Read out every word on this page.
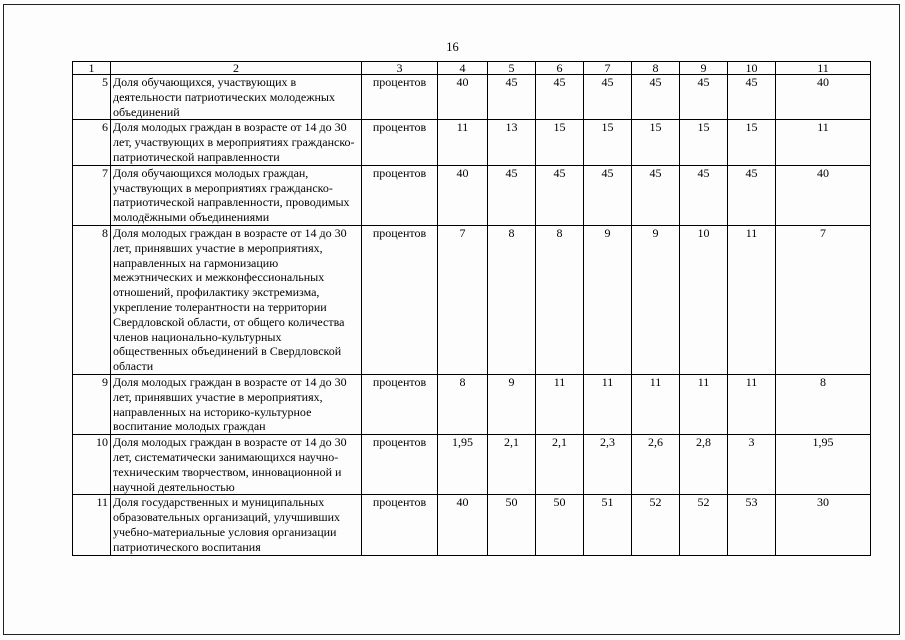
16
1	2	3	4	5	6	7	8	9	10	11
5	Доля обучающихся, участвующих в деятельности патриотических молодежных объединений	процентов	40	45	45	45	45	45	45	40
6	Доля молодых граждан в возрасте от 14 до 30 лет, участвующих в мероприятиях гражданско-патриотической направленности	процентов	11	13	15	15	15	15	15	11
7	Доля обучающихся молодых граждан, участвующих в мероприятиях гражданско-патриотической направленности, проводимых молодёжными объединениями	процентов	40	45	45	45	45	45	45	40
8	Доля молодых граждан в возрасте от 14 до 30 лет, принявших участие в мероприятиях, направленных на гармонизацию межэтнических и межконфессиональных отношений, профилактику экстремизма, укрепление толерантности на территории Свердловской области, от общего количества членов национально-культурных общественных объединений в Свердловской области	процентов	7	8	8	9	9	10	11	7
9	Доля молодых граждан в возрасте от 14 до 30 лет, принявших участие в мероприятиях, направленных на историко-культурное воспитание молодых граждан	процентов	8	9	11	11	11	11	11	8
10	Доля молодых граждан в возрасте от 14 до 30 лет, систематически занимающихся научно-техническим творчеством, инновационной и научной деятельностью	процентов	1,95	2,1	2,1	2,3	2,6	2,8	3	1,95
11	Доля государственных и муниципальных образовательных организаций, улучшивших учебно-материальные условия организации патриотического воспитания	процентов	40	50	50	51	52	52	53	30
